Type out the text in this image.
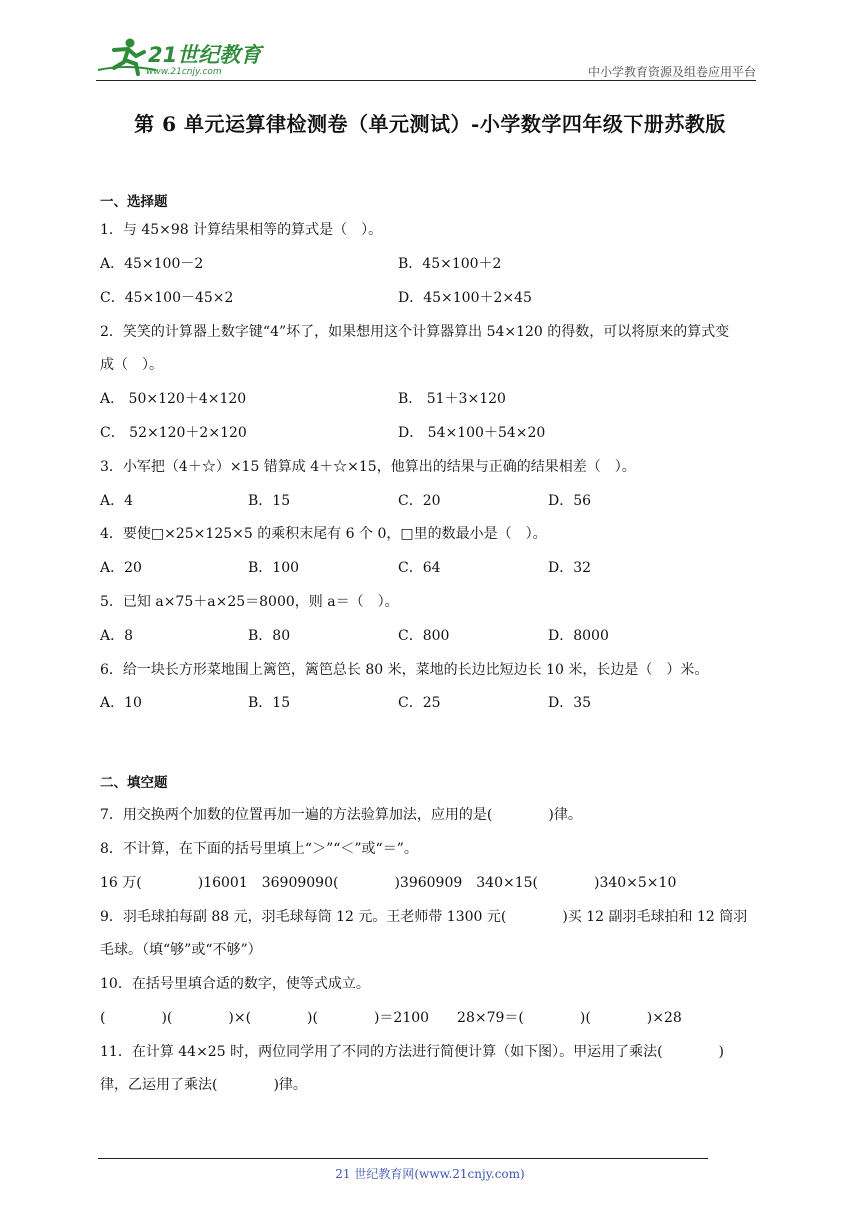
21世纪教育
www.21cnjy.com	中小学教育资源及组卷应用平台
第 6 单元运算律检测卷（单元测试）-小学数学四年级下册苏教版
一、选择题
1．与 45×98 计算结果相等的算式是（　）。
A．45×100－2	B．45×100＋2
C．45×100－45×2	D．45×100＋2×45
2．笑笑的计算器上数字键“4”坏了，如果想用这个计算器算出 54×120 的得数，可以将原来的算式变
成（　）。
A． 50×120＋4×120	B． 51＋3×120
C． 52×120＋2×120	D． 54×100＋54×20
3．小军把（4＋☆）×15 错算成 4＋☆×15，他算出的结果与正确的结果相差（　）。
A．4	B．15	C．20	D．56
4．要使□×25×125×5 的乘积末尾有 6 个 0，□里的数最小是（　）。
A．20	B．100	C．64	D．32
5．已知 a×75＋a×25＝8000，则 a＝（　）。
A．8	B．80	C．800	D．8000
6．给一块长方形菜地围上篱笆，篱笆总长 80 米，菜地的长边比短边长 10 米，长边是（　）米。
A．10	B．15	C．25	D．35
二、填空题
7．用交换两个加数的位置再加一遍的方法验算加法，应用的是(　　　　)律。
8．不计算，在下面的括号里填上“＞”“＜”或“＝”。
16 万(　　　　)16001　36909090(　　　　)3960909　340×15(　　　　)340×5×10
9．羽毛球拍每副 88 元，羽毛球每筒 12 元。王老师带 1300 元(　　　　)买 12 副羽毛球拍和 12 筒羽
毛球。（填“够”或“不够”）
10．在括号里填合适的数字，使等式成立。
(　　　　)(　　　　)×(　　　　)(　　　　)＝2100　　28×79＝(　　　　)(　　　　)×28
11．在计算 44×25 时，两位同学用了不同的方法进行简便计算（如下图）。甲运用了乘法(　　　　)
律，乙运用了乘法(　　　　)律。
21 世纪教育网(www.21cnjy.com)
